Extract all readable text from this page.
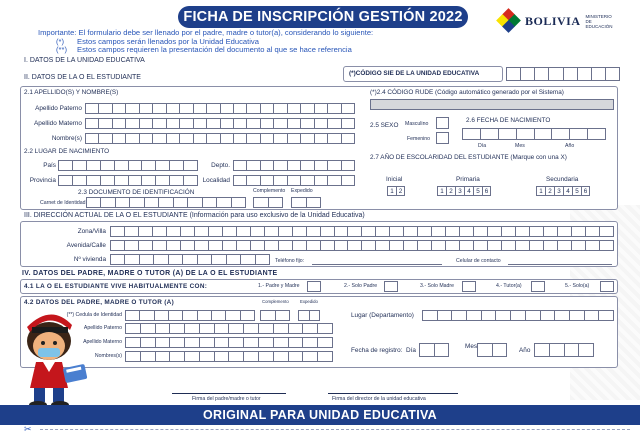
FICHA DE INSCRIPCIÓN GESTIÓN 2022	BOLIVIA MINISTERIO DE EDUCACIÓN
Importante: El formulario debe ser llenado por el padre, madre o tutor(a), considerando lo siguiente:
(*) Estos campos serán llenados por la Unidad Educativa
(**) Estos campos requieren la presentación del documento al que se hace referencia
I. DATOS DE LA UNIDAD EDUCATIVA
II. DATOS DE LA O EL ESTUDIANTE
(*)CÓDIGO SIE DE LA UNIDAD EDUCATIVA
2.1 APELLIDO(S) Y NOMBRE(S)
Apellido Paterno
Apellido Materno
Nombre(s)
(*)2.4 CÓDIGO RUDE (Código automático generado por el Sistema)
2.5 SEXO Masculino
Femenino
2.6 FECHA DE NACIMIENTO
Día	Mes	Año
2.2 LUGAR DE NACIMIENTO
País	Depto.
Provincia	Localidad
2.3 DOCUMENTO DE IDENTIFICACIÓN	Complemento Expedido
Carnet de Identidad
2.7 AÑO DE ESCOLARIDAD DEL ESTUDIANTE (Marque con una X)
Inicial
1 2
Primaria
1 2 3 4 5 6
Secundaria
1 2 3 4 5 6
III. DIRECCIÓN ACTUAL DE LA O EL ESTUDIANTE (Información para uso exclusivo de la Unidad Educativa)
Zona/Villa
Avenida/Calle
Nº vivienda	Teléfono fijo:	Celular de contacto
IV. DATOS DEL PADRE, MADRE O TUTOR (A) DE LA O EL ESTUDIANTE
4.1 LA O EL ESTUDIANTE VIVE HABITUALMENTE CON:	1.- Padre y Madre	2.- Solo Padre	3.- Solo Madre	4.- Tutor(a)	5.- Solo(a)
4.2 DATOS DEL PADRE, MADRE O TUTOR (A)	Complemento	Expedido
(**) Cedula de Identidad
Apellido Paterno
Apellido Materno
Nombres(s)
Lugar (Departamento)
Fecha de registro: Día
Mes
Año
Firma del padre/madre o tutor	Firma del director de la unidad educativa
ORIGINAL PARA UNIDAD EDUCATIVA
✂
